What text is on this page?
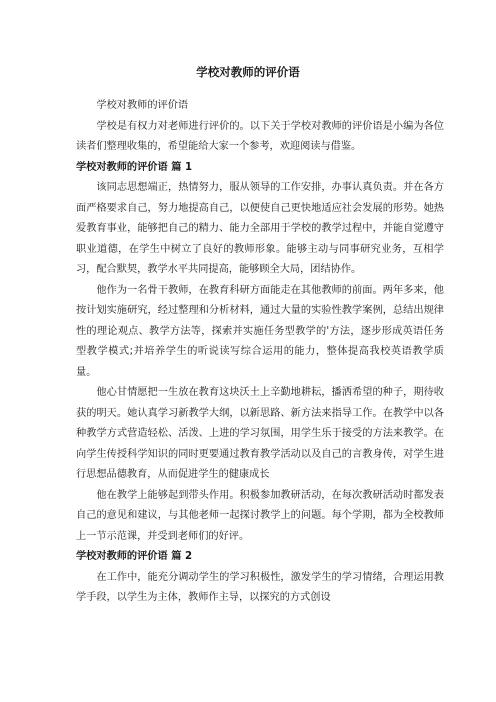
学校对教师的评价语

学校对教师的评价语

学校是有权力对老师进行评价的。以下关于学校对教师的评价语是小编为各位读者们整理收集的，希望能给大家一个参考，欢迎阅读与借鉴。

学校对教师的评价语 篇 1

该同志思想端正，热情努力，服从领导的工作安排，办事认真负责。并在各方面严格要求自己，努力地提高自己，以便使自己更快地适应社会发展的形势。她热爱教育事业，能够把自己的精力、能力全部用于学校的教学过程中，并能自觉遵守职业道德，在学生中树立了良好的教师形象。能够主动与同事研究业务，互相学习，配合默契，教学水平共同提高，能够顾全大局，团结协作。

他作为一名骨干教师，在教育科研方面能走在其他教师的前面。两年多来，他按计划实施研究，经过整理和分析材料，通过大量的实验性教学案例，总结出规律性的理论观点、教学方法等，探索并实施任务型教学的'方法，逐步形成英语任务型教学模式;并培养学生的听说读写综合运用的能力，整体提高我校英语教学质量。

他心甘情愿把一生放在教育这块沃土上辛勤地耕耘，播洒希望的种子，期待收获的明天。她认真学习新教学大纲，以新思路、新方法来指导工作。在教学中以各种教学方式营造轻松、活泼、上进的学习氛围，用学生乐于接受的方法来教学。在向学生传授科学知识的同时更要通过教育教学活动以及自己的言教身传，对学生进行思想品德教育，从而促进学生的健康成长

他在教学上能够起到带头作用。积极参加教研活动，在每次教研活动时都发表自己的意见和建议，与其他老师一起探讨教学上的问题。每个学期，都为全校教师上一节示范课，并受到老师们的好评。

学校对教师的评价语 篇 2

在工作中，能充分调动学生的学习积极性，激发学生的学习情绪，合理运用教学手段，以学生为主体，教师作主导，以探究的方式创设
